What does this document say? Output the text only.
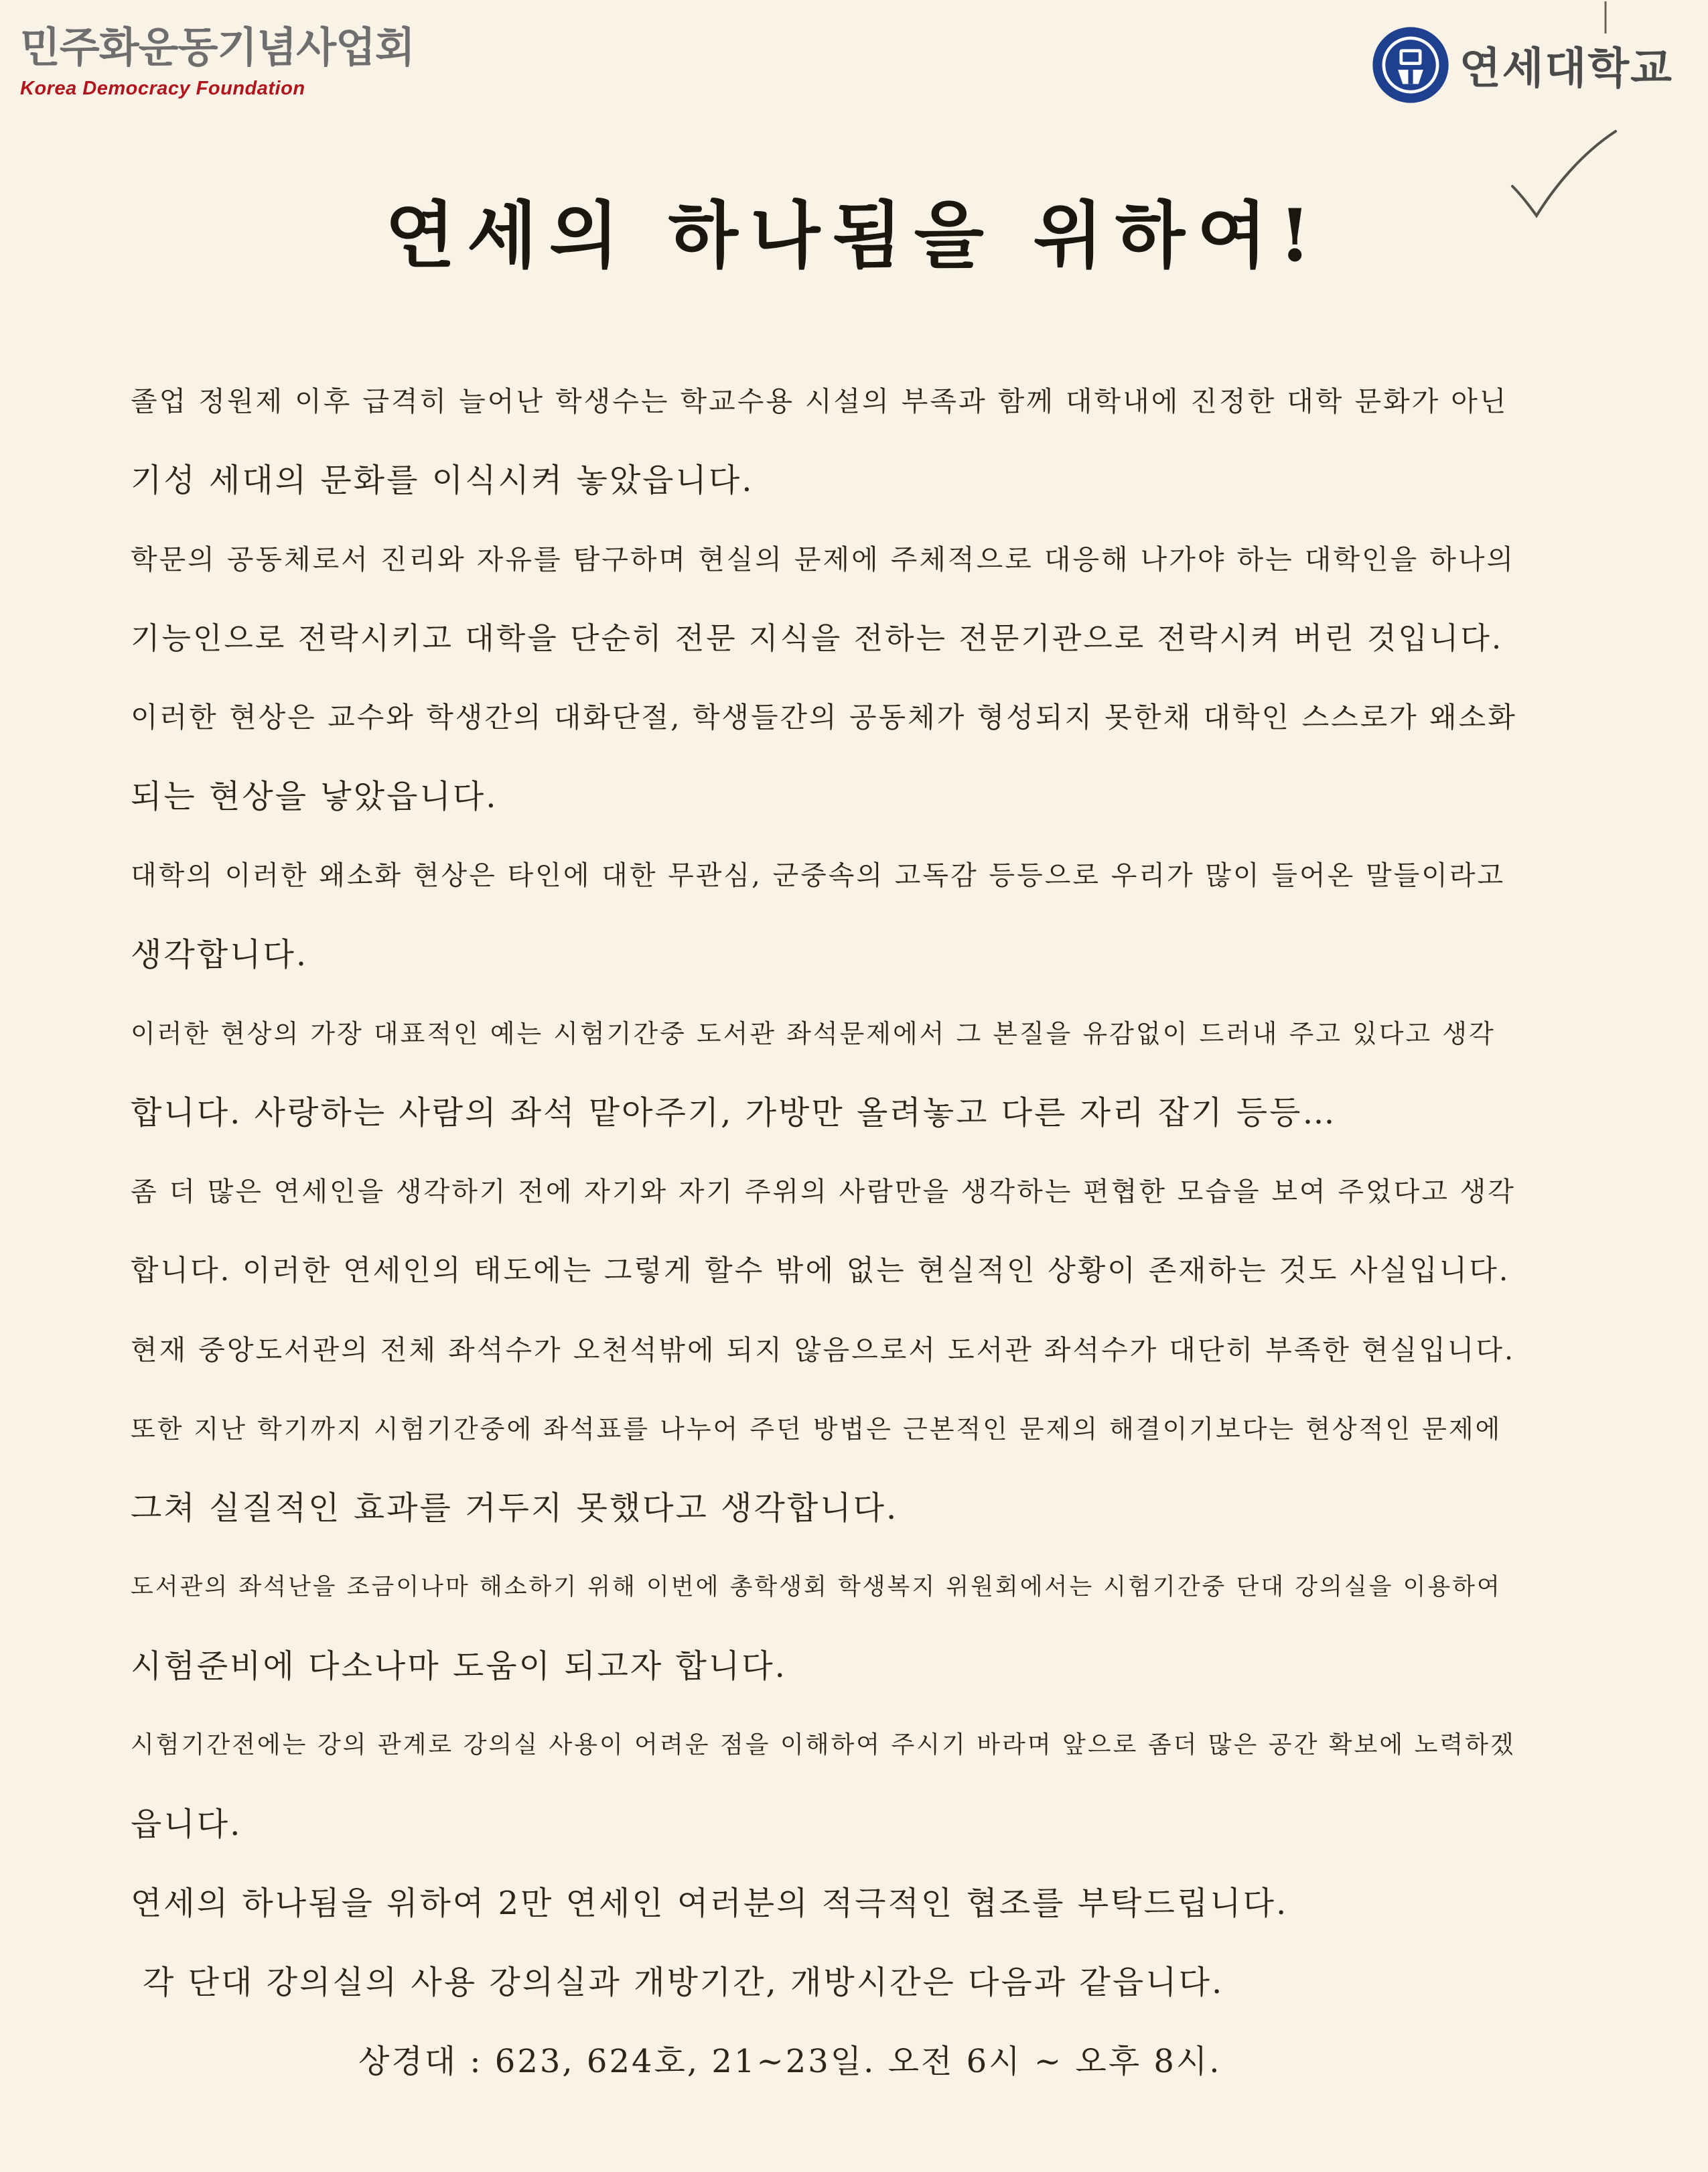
민주화운동기념사업회
Korea Democracy Foundation	연세대학교
연세의 하나됨을 위하여!
졸업 정원제 이후 급격히 늘어난 학생수는 학교수용 시설의 부족과 함께 대학내에 진정한 대학 문화가 아닌
기성 세대의 문화를 이식시켜 놓았읍니다.
학문의 공동체로서 진리와 자유를 탐구하며 현실의 문제에 주체적으로 대응해 나가야 하는 대학인을 하나의
기능인으로 전락시키고 대학을 단순히 전문 지식을 전하는 전문기관으로 전락시켜 버린 것입니다.
이러한 현상은 교수와 학생간의 대화단절, 학생들간의 공동체가 형성되지 못한채 대학인 스스로가 왜소화
되는 현상을 낳았읍니다.
대학의 이러한 왜소화 현상은 타인에 대한 무관심, 군중속의 고독감 등등으로 우리가 많이 들어온 말들이라고
생각합니다.
이러한 현상의 가장 대표적인 예는 시험기간중 도서관 좌석문제에서 그 본질을 유감없이 드러내 주고 있다고 생각
합니다. 사랑하는 사람의 좌석 맡아주기, 가방만 올려놓고 다른 자리 잡기 등등…
좀 더 많은 연세인을 생각하기 전에 자기와 자기 주위의 사람만을 생각하는 편협한 모습을 보여 주었다고 생각
합니다. 이러한 연세인의 태도에는 그렇게 할수 밖에 없는 현실적인 상황이 존재하는 것도 사실입니다.
현재 중앙도서관의 전체 좌석수가 오천석밖에 되지 않음으로서 도서관 좌석수가 대단히 부족한 현실입니다.
또한 지난 학기까지 시험기간중에 좌석표를 나누어 주던 방법은 근본적인 문제의 해결이기보다는 현상적인 문제에
그쳐 실질적인 효과를 거두지 못했다고 생각합니다.
도서관의 좌석난을 조금이나마 해소하기 위해 이번에 총학생회 학생복지 위원회에서는 시험기간중 단대 강의실을 이용하여
시험준비에 다소나마 도움이 되고자 합니다.
시험기간전에는 강의 관계로 강의실 사용이 어려운 점을 이해하여 주시기 바라며 앞으로 좀더 많은 공간 확보에 노력하겠
읍니다.
연세의 하나됨을 위하여 2만 연세인 여러분의 적극적인 협조를 부탁드립니다.
각 단대 강의실의 사용 강의실과 개방기간, 개방시간은 다음과 같읍니다.
상경대 : 623, 624호, 21~23일. 오전 6시 ~ 오후 8시.
